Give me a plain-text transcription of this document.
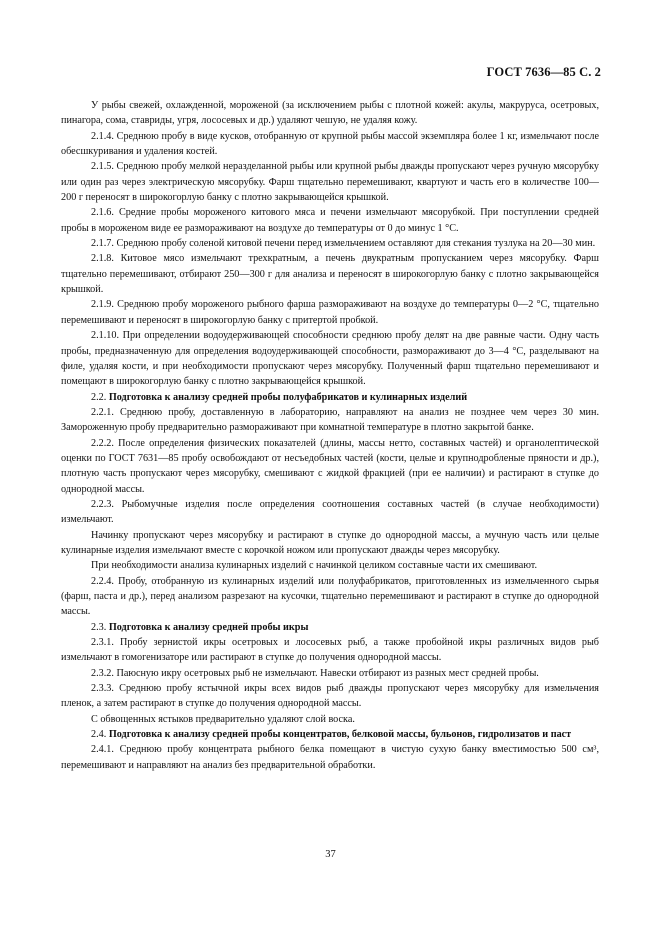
ГОСТ 7636—85 С. 2

У рыбы свежей, охлажденной, мороженой (за исключением рыбы с плотной кожей: акулы, макруруса, осетровых, пинагора, сома, ставриды, угря, лососевых и др.) удаляют чешую, не удаляя кожу.

2.1.4. Среднюю пробу в виде кусков, отобранную от крупной рыбы массой экземпляра более 1 кг, измельчают после обесшкуривания и удаления костей.

2.1.5. Среднюю пробу мелкой неразделанной рыбы или крупной рыбы дважды пропускают через ручную мясорубку или один раз через электрическую мясорубку. Фарш тщательно перемешивают, квартуют и часть его в количестве 100—200 г переносят в широкогорлую банку с плотно закрывающейся крышкой.

2.1.6. Средние пробы мороженого китового мяса и печени измельчают мясорубкой. При поступлении средней пробы в мороженом виде ее размораживают на воздухе до температуры от 0 до минус 1 °С.

2.1.7. Среднюю пробу соленой китовой печени перед измельчением оставляют для стекания тузлука на 20—30 мин.

2.1.8. Китовое мясо измельчают трехкратным, а печень двукратным пропусканием через мясорубку. Фарш тщательно перемешивают, отбирают 250—300 г для анализа и переносят в широкогорлую банку с плотно закрывающейся крышкой.

2.1.9. Среднюю пробу мороженого рыбного фарша размораживают на воздухе до температуры 0—2 °С, тщательно перемешивают и переносят в широкогорлую банку с притертой пробкой.

2.1.10. При определении водоудерживающей способности среднюю пробу делят на две равные части. Одну часть пробы, предназначенную для определения водоудерживающей способности, размораживают до 3—4 °С, разделывают на филе, удаляя кости, и при необходимости пропускают через мясорубку. Полученный фарш тщательно перемешивают и помещают в широкогорлую банку с плотно закрывающейся крышкой.

2.2. Подготовка к анализу средней пробы полуфабрикатов и кулинарных изделий

2.2.1. Среднюю пробу, доставленную в лабораторию, направляют на анализ не позднее чем через 30 мин. Замороженную пробу предварительно размораживают при комнатной температуре в плотно закрытой банке.

2.2.2. После определения физических показателей (длины, массы нетто, составных частей) и органолептической оценки по ГОСТ 7631—85 пробу освобождают от несъедобных частей (кости, целые и крупнодробленые пряности и др.), плотную часть пропускают через мясорубку, смешивают с жидкой фракцией (при ее наличии) и растирают в ступке до однородной массы.

2.2.3. Рыбомучные изделия после определения соотношения составных частей (в случае необходимости) измельчают.

Начинку пропускают через мясорубку и растирают в ступке до однородной массы, а мучную часть или целые кулинарные изделия измельчают вместе с корочкой ножом или пропускают дважды через мясорубку.

При необходимости анализа кулинарных изделий с начинкой целиком составные части их смешивают.

2.2.4. Пробу, отобранную из кулинарных изделий или полуфабрикатов, приготовленных из измельченного сырья (фарш, паста и др.), перед анализом разрезают на кусочки, тщательно перемешивают и растирают в ступке до однородной массы.

2.3. Подготовка к анализу средней пробы икры

2.3.1. Пробу зернистой икры осетровых и лососевых рыб, а также пробойной икры различных видов рыб измельчают в гомогенизаторе или растирают в ступке до получения однородной массы.

2.3.2. Паюсную икру осетровых рыб не измельчают. Навески отбирают из разных мест средней пробы.

2.3.3. Среднюю пробу ястычной икры всех видов рыб дважды пропускают через мясорубку для измельчения пленок, а затем растирают в ступке до получения однородной массы.

С обвощенных ястыков предварительно удаляют слой воска.

2.4. Подготовка к анализу средней пробы концентратов, белковой массы, бульонов, гидролизатов и паст

2.4.1. Среднюю пробу концентрата рыбного белка помещают в чистую сухую банку вместимостью 500 см³, перемешивают и направляют на анализ без предварительной обработки.

37
